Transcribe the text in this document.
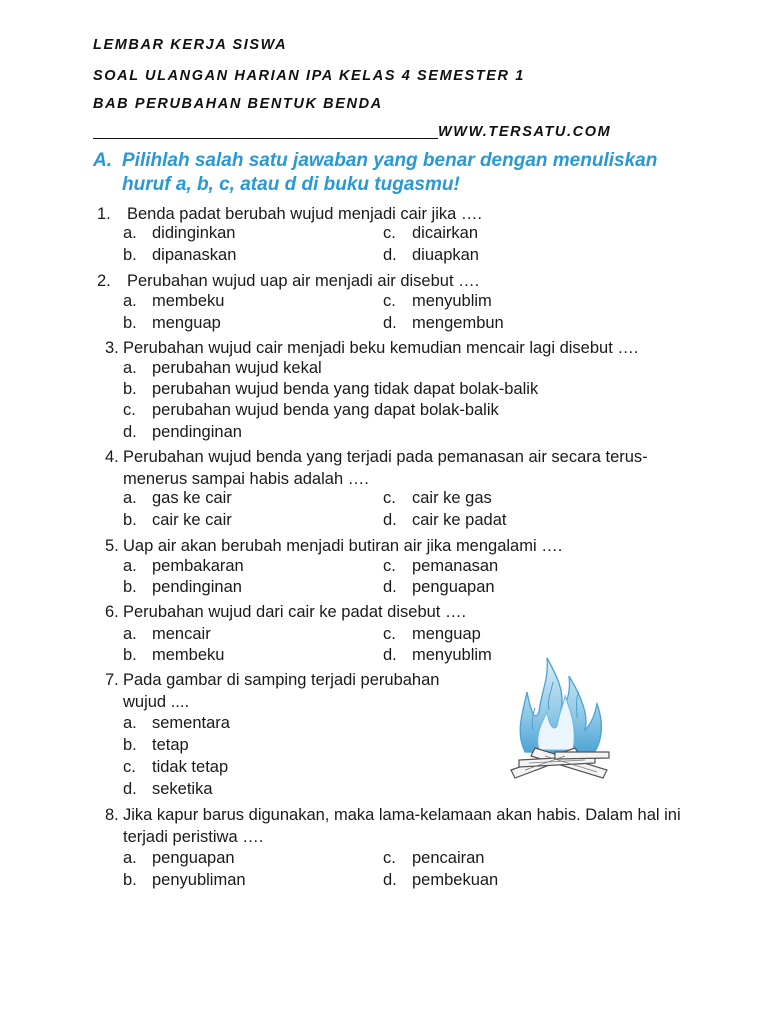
LEMBAR KERJA SISWA
SOAL ULANGAN HARIAN IPA KELAS 4 SEMESTER 1
BAB PERUBAHAN BENTUK BENDA
WWW.TERSATU.COM
A. Pilihlah salah satu jawaban yang benar dengan menuliskan huruf a, b, c, atau d di buku tugasmu!
1. Benda padat berubah wujud menjadi cair jika ….
a. didinginkan	c. dicairkan
b. dipanaskan	d. diuapkan
2. Perubahan wujud uap air menjadi air disebut ….
a. membeku	c. menyublim
b. menguap	d. mengembun
3. Perubahan wujud cair menjadi beku kemudian mencair lagi disebut ….
a. perubahan wujud kekal
b. perubahan wujud benda yang tidak dapat bolak-balik
c. perubahan wujud benda yang dapat bolak-balik
d. pendinginan
4. Perubahan wujud benda yang terjadi pada pemanasan air secara terus-menerus sampai habis adalah ….
a. gas ke cair	c. cair ke gas
b. cair ke cair	d. cair ke padat
5. Uap air akan berubah menjadi butiran air jika mengalami ….
a. pembakaran	c. pemanasan
b. pendinginan	d. penguapan
6. Perubahan wujud dari cair ke padat disebut ….
a. mencair	c. menguap
b. membeku	d. menyublim
7. Pada gambar di samping terjadi perubahan wujud ....
a. sementara
b. tetap
c. tidak tetap
d. seketika
8. Jika kapur barus digunakan, maka lama-kelamaan akan habis. Dalam hal ini terjadi peristiwa ….
a. penguapan	c. pencairan
b. penyubliman	d. pembekuan
